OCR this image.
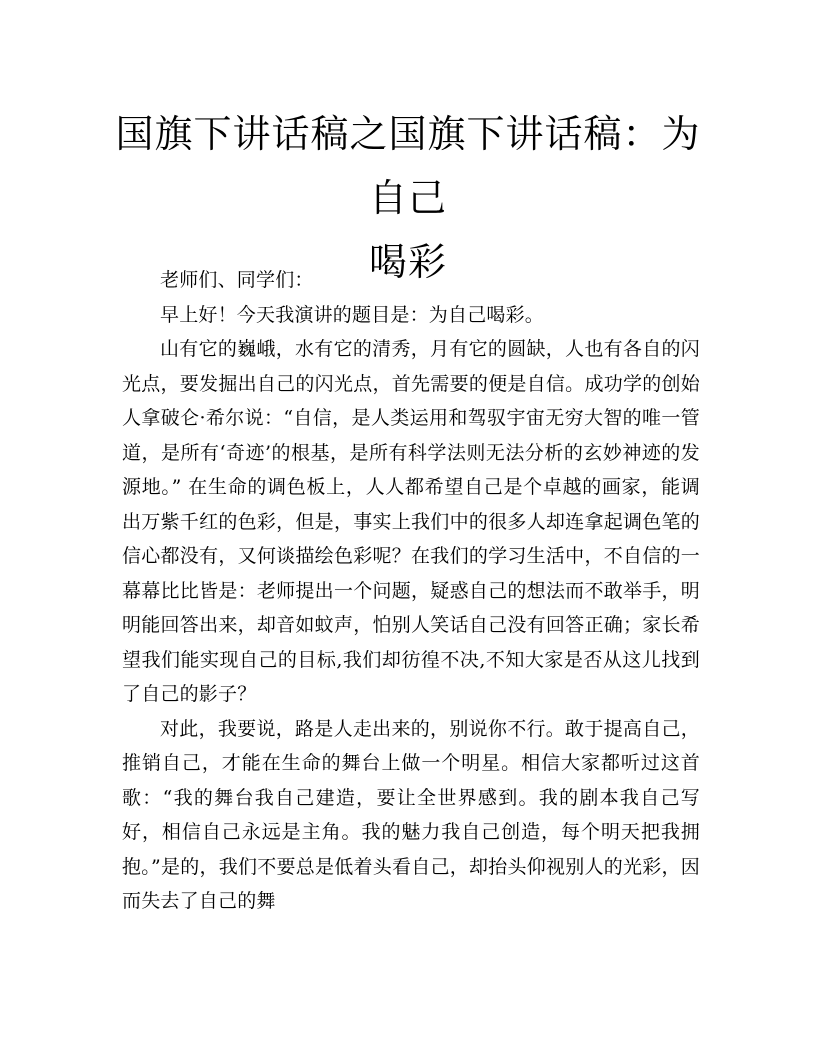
国旗下讲话稿之国旗下讲话稿：为自己
喝彩

老师们、同学们：

早上好！今天我演讲的题目是：为自己喝彩。

山有它的巍峨，水有它的清秀，月有它的圆缺，人也有各自的闪光点，要发掘出自己的闪光点，首先需要的便是自信。成功学的创始人拿破仑·希尔说：“自信，是人类运用和驾驭宇宙无穷大智的唯一管道，是所有‘奇迹’的根基，是所有科学法则无法分析的玄妙神迹的发源地。” 在生命的调色板上，人人都希望自己是个卓越的画家，能调出万紫千红的色彩，但是，事实上我们中的很多人却连拿起调色笔的信心都没有，又何谈描绘色彩呢？在我们的学习生活中，不自信的一幕幕比比皆是：老师提出一个问题，疑惑自己的想法而不敢举手，明明能回答出来，却音如蚊声，怕别人笑话自己没有回答正确；家长希望我们能实现自己的目标,我们却彷徨不决,不知大家是否从这儿找到了自己的影子？

对此，我要说，路是人走出来的，别说你不行。敢于提高自己，推销自己，才能在生命的舞台上做一个明星。相信大家都听过这首歌：“我的舞台我自己建造，要让全世界感到。我的剧本我自己写好，相信自己永远是主角。我的魅力我自己创造，每个明天把我拥抱。”是的，我们不要总是低着头看自己，却抬头仰视别人的光彩，因而失去了自己的舞
